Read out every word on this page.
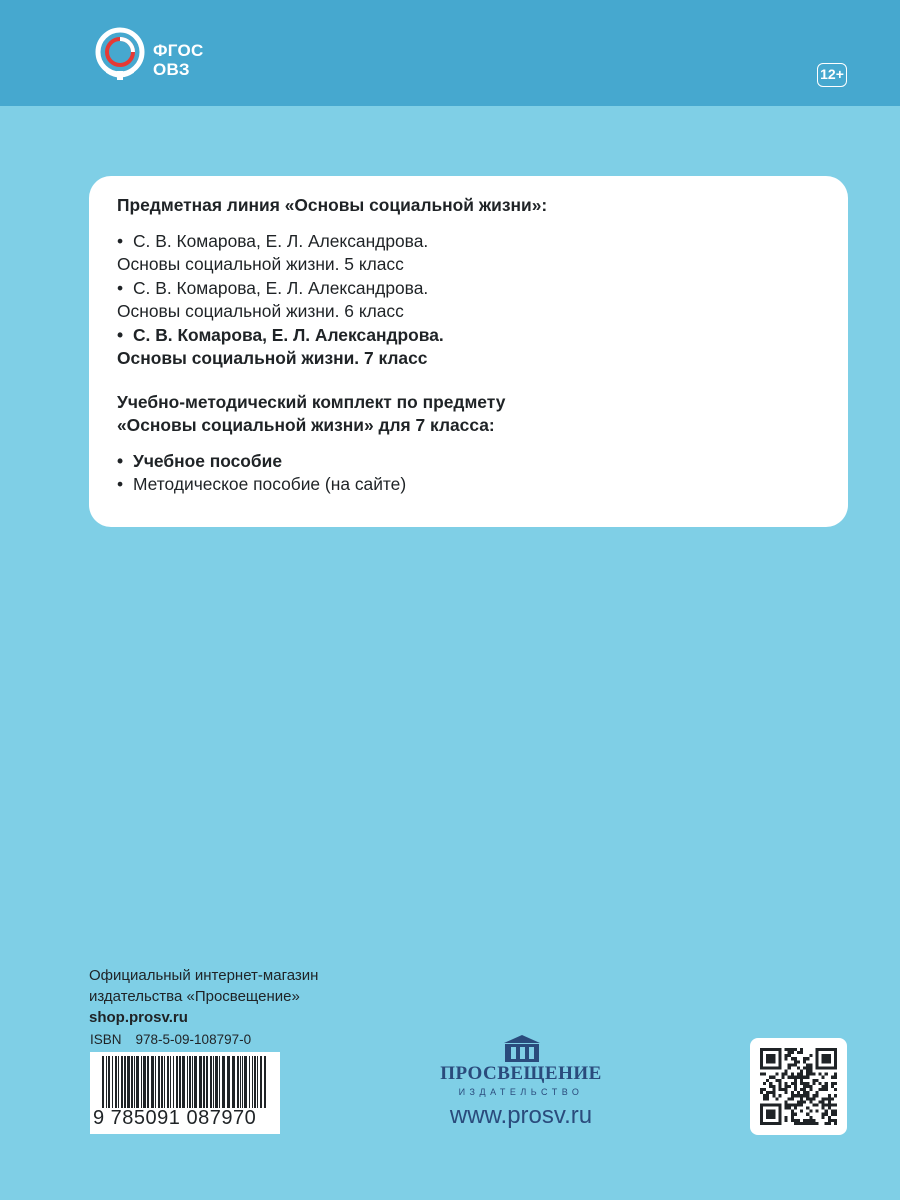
ФГОС
ОВЗ	12+
Предметная линия «Основы социальной жизни»:
• С. В. Комарова, Е. Л. Александрова.
Основы социальной жизни. 5 класс
• С. В. Комарова, Е. Л. Александрова.
Основы социальной жизни. 6 класс
• С. В. Комарова, Е. Л. Александрова.
Основы социальной жизни. 7 класс
Учебно-методический комплект по предмету
«Основы социальной жизни» для 7 класса:
• Учебное пособие
• Методическое пособие (на сайте)
Официальный интернет-магазин
издательства «Просвещение»
shop.prosv.ru
ISBN 978-5-09-108797-0
9 785091 087970
ПРОСВЕЩЕНИЕ
ИЗДАТЕЛЬСТВО
www.prosv.ru
